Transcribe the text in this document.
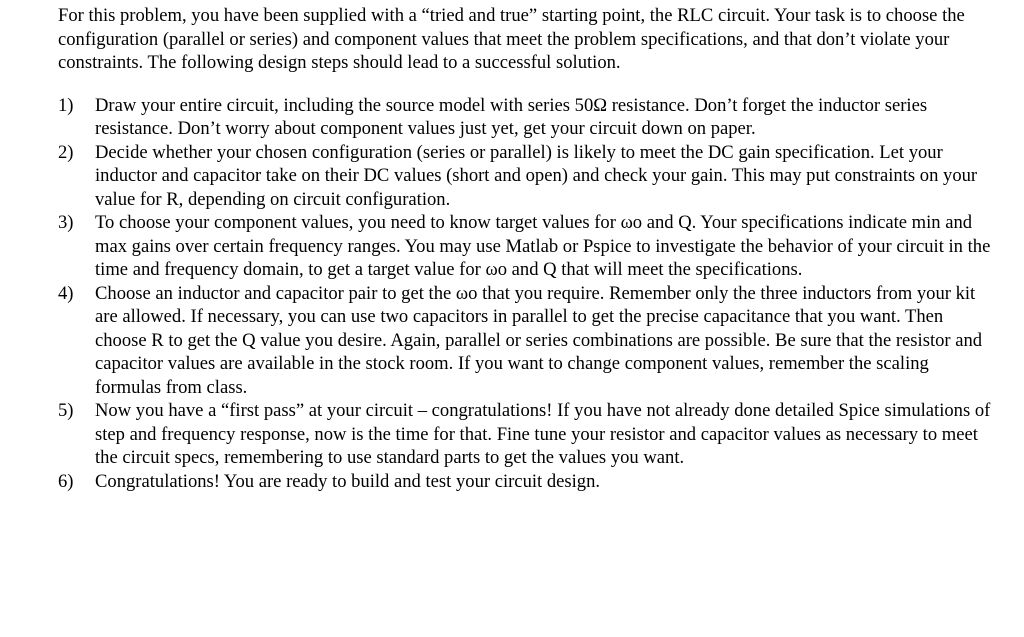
For this problem, you have been supplied with a “tried and true” starting point, the RLC circuit. Your task is to choose the configuration (parallel or series) and component values that meet the problem specifications, and that don’t violate your constraints. The following design steps should lead to a successful solution.

1)	Draw your entire circuit, including the source model with series 50Ω resistance. Don’t forget the inductor series resistance. Don’t worry about component values just yet, get your circuit down on paper.
2)	Decide whether your chosen configuration (series or parallel) is likely to meet the DC gain specification. Let your inductor and capacitor take on their DC values (short and open) and check your gain. This may put constraints on your value for R, depending on circuit configuration.
3)	To choose your component values, you need to know target values for ωo and Q. Your specifications indicate min and max gains over certain frequency ranges. You may use Matlab or Pspice to investigate the behavior of your circuit in the time and frequency domain, to get a target value for ωo and Q that will meet the specifications.
4)	Choose an inductor and capacitor pair to get the ωo that you require. Remember only the three inductors from your kit are allowed. If necessary, you can use two capacitors in parallel to get the precise capacitance that you want. Then choose R to get the Q value you desire. Again, parallel or series combinations are possible. Be sure that the resistor and capacitor values are available in the stock room. If you want to change component values, remember the scaling formulas from class.
5)	Now you have a “first pass” at your circuit – congratulations! If you have not already done detailed Spice simulations of step and frequency response, now is the time for that. Fine tune your resistor and capacitor values as necessary to meet the circuit specs, remembering to use standard parts to get the values you want.
6)	Congratulations! You are ready to build and test your circuit design.
